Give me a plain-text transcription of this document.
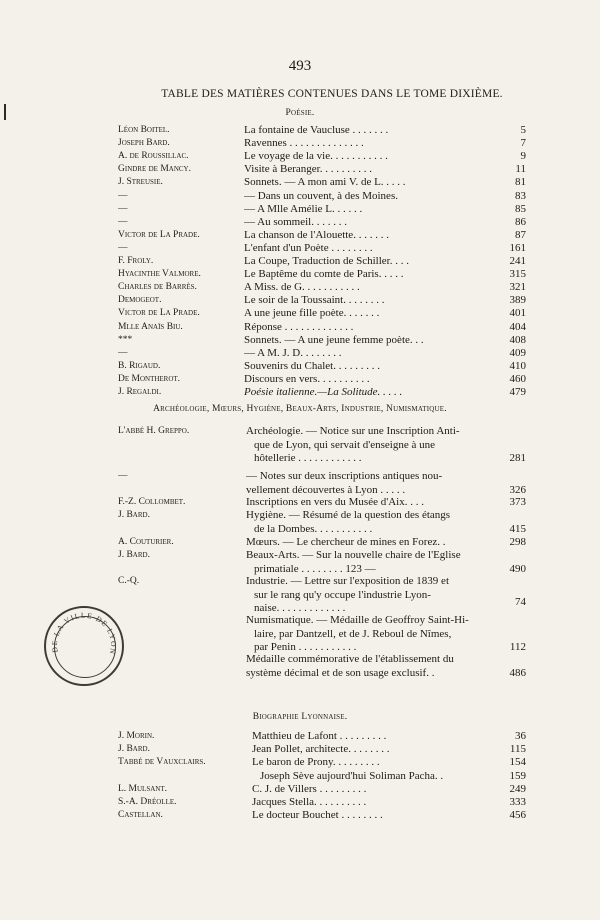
493
TABLE DES MATIÈRES CONTENUES DANS LE TOME DIXIÈME.
Poésie.
Archéologie, Mœurs, Hygiène, Beaux-Arts, Industrie, Numismatique.
Biographie Lyonnaise.
Léon Boitel.	La fontaine de Vaucluse . . . . . . .	5
Joseph Bard.	Ravennes . . . . . . . . . . . . . .	7
A. de Roussillac.	Le voyage de la vie. . . . . . . . . . .	9
Gindre de Mancy.	Visite à Beranger. . . . . . . . . .	11
J. Streusie.	Sonnets. — A mon ami V. de L. . . . .	81
—	— Dans un couvent, à des Moines.	83
—	— A Mlle Amélie L. . . . . .	85
—	— Au sommeil. . . . . . .	86
Victor de La Prade.	La chanson de l'Alouette. . . . . . .	87
—	L'enfant d'un Poète . . . . . . . .	161
F. Froly.	La Coupe, Traduction de Schiller. . . .	241
Hyacinthe Valmore.	Le Baptême du comte de Paris. . . . .	315
Charles de Barrès.	A Miss. de G. . . . . . . . . . .	321
Demogeot.	Le soir de la Toussaint. . . . . . . .	389
Victor de La Prade.	A une jeune fille poète. . . . . . .	401
Mlle Anaïs Biu.	Réponse . . . . . . . . . . . . .	404
***	Sonnets. — A une jeune femme poète. . .	408
—	— A M. J. D. . . . . . . .	409
B. Rigaud.	Souvenirs du Chalet. . . . . . . . .	410
De Montherot.	Discours en vers. . . . . . . . . .	460
J. Regaldi.	Poésie italienne.—La Solitude. . . . .	479
L'abbé H. Greppo.	Archéologie. — Notice sur une Inscription Anti-
que de Lyon, qui servait d'enseigne à une
hôtellerie . . . . . . . . . . . .	281
—	— Notes sur deux inscriptions antiques nou-
vellement découvertes à Lyon . . . . .	326
F.-Z. Collombet.	Inscriptions en vers du Musée d'Aix. . . .	373
J. Bard.	Hygiène. — Résumé de la question des étangs
de la Dombes. . . . . . . . . . .	415
A. Couturier.	Mœurs. — Le chercheur de mines en Forez. .	298
J. Bard.	Beaux-Arts. — Sur la nouvelle chaire de l'Eglise
primatiale . . . . . . . . 123 —	490
C.-Q.	Industrie. — Lettre sur l'exposition de 1839 et
sur le rang qu'y occupe l'industrie Lyon-
naise. . . . . . . . . . . . .	74
Numismatique. — Médaille de Geoffroy Saint-Hi-
laire, par Dantzell, et de J. Reboul de Nîmes,
par Penin . . . . . . . . . . .	112
Médaille commémorative de l'établissement du
système décimal et de son usage exclusif. .	486
J. Morin.	Matthieu de Lafont . . . . . . . . .	36
J. Bard.	Jean Pollet, architecte. . . . . . . .	115
Tabbé de Vauxclairs.	Le baron de Prony. . . . . . . . .	154
Joseph Sève aujourd'hui Soliman Pacha. .	159
L. Mulsant.	C. J. de Villers . . . . . . . . .	249
S.-A. Dréolle.	Jacques Stella. . . . . . . . . .	333
Castellan.	Le docteur Bouchet . . . . . . . .	456
DE LA VILLE DE LYON
